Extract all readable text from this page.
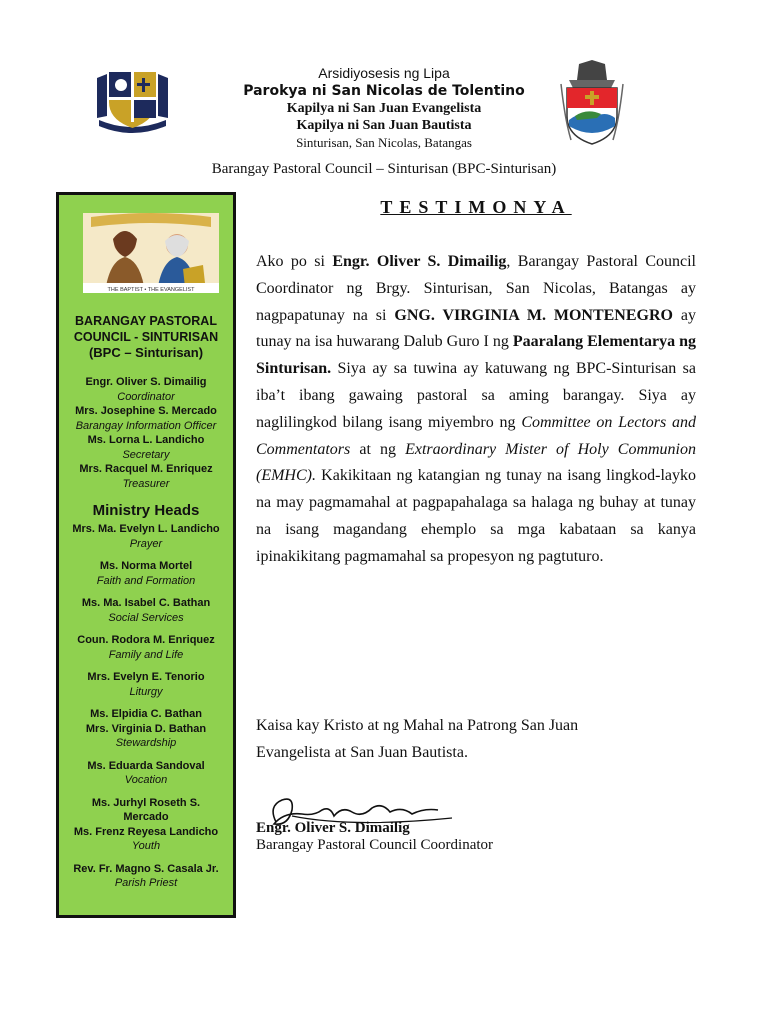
Arsidiyosesis ng Lipa
Parokya ni San Nicolas de Tolentino
Kapilya ni San Juan Evangelista
Kapilya ni San Juan Bautista
Sinturisan, San Nicolas, Batangas
Barangay Pastoral Council – Sinturisan (BPC-Sinturisan)
THE BAPTIST • THE EVANGELIST
BARANGAY PASTORAL
COUNCIL - SINTURISAN
(BPC – Sinturisan)
Engr. Oliver S. Dimailig
Coordinator
Mrs. Josephine S. Mercado
Barangay Information Officer
Ms. Lorna L. Landicho
Secretary
Mrs. Racquel M. Enriquez
Treasurer
Ministry Heads
Mrs. Ma. Evelyn L. Landicho
Prayer
Ms. Norma Mortel
Faith and Formation
Ms. Ma. Isabel C. Bathan
Social Services
Coun. Rodora M. Enriquez
Family and Life
Mrs. Evelyn E. Tenorio
Liturgy
Ms. Elpidia C. Bathan
Mrs. Virginia D. Bathan
Stewardship
Ms. Eduarda Sandoval
Vocation
Ms. Jurhyl Roseth S.
Mercado
Ms. Frenz Reyesa Landicho
Youth
Rev. Fr. Magno S. Casala Jr.
Parish Priest
TESTIMONYA

Ako po si Engr. Oliver S. Dimailig, Barangay Pastoral Council Coordinator ng Brgy. Sinturisan, San Nicolas, Batangas ay nagpapatunay na si GNG. VIRGINIA M. MONTENEGRO ay tunay na isa huwarang Dalub Guro I ng Paaralang Elementarya ng Sinturisan. Siya ay sa tuwina ay katuwang ng BPC-Sinturisan sa iba’t ibang gawaing pastoral sa aming barangay. Siya ay naglilingkod bilang isang miyembro ng Committee on Lectors and Commentators at ng Extraordinary Mister of Holy Communion (EMHC). Kakikitaan ng katangian ng tunay na isang lingkod-layko na may pagmamahal at pagpapahalaga sa halaga ng buhay at tunay na isang magandang ehemplo sa mga kabataan sa kanya ipinakikitang pagmamahal sa propesyon ng pagtuturo.

Kaisa kay Kristo at ng Mahal na Patrong San Juan

Evangelista at San Juan Bautista.

Engr. Oliver S. Dimailig
Barangay Pastoral Council Coordinator
